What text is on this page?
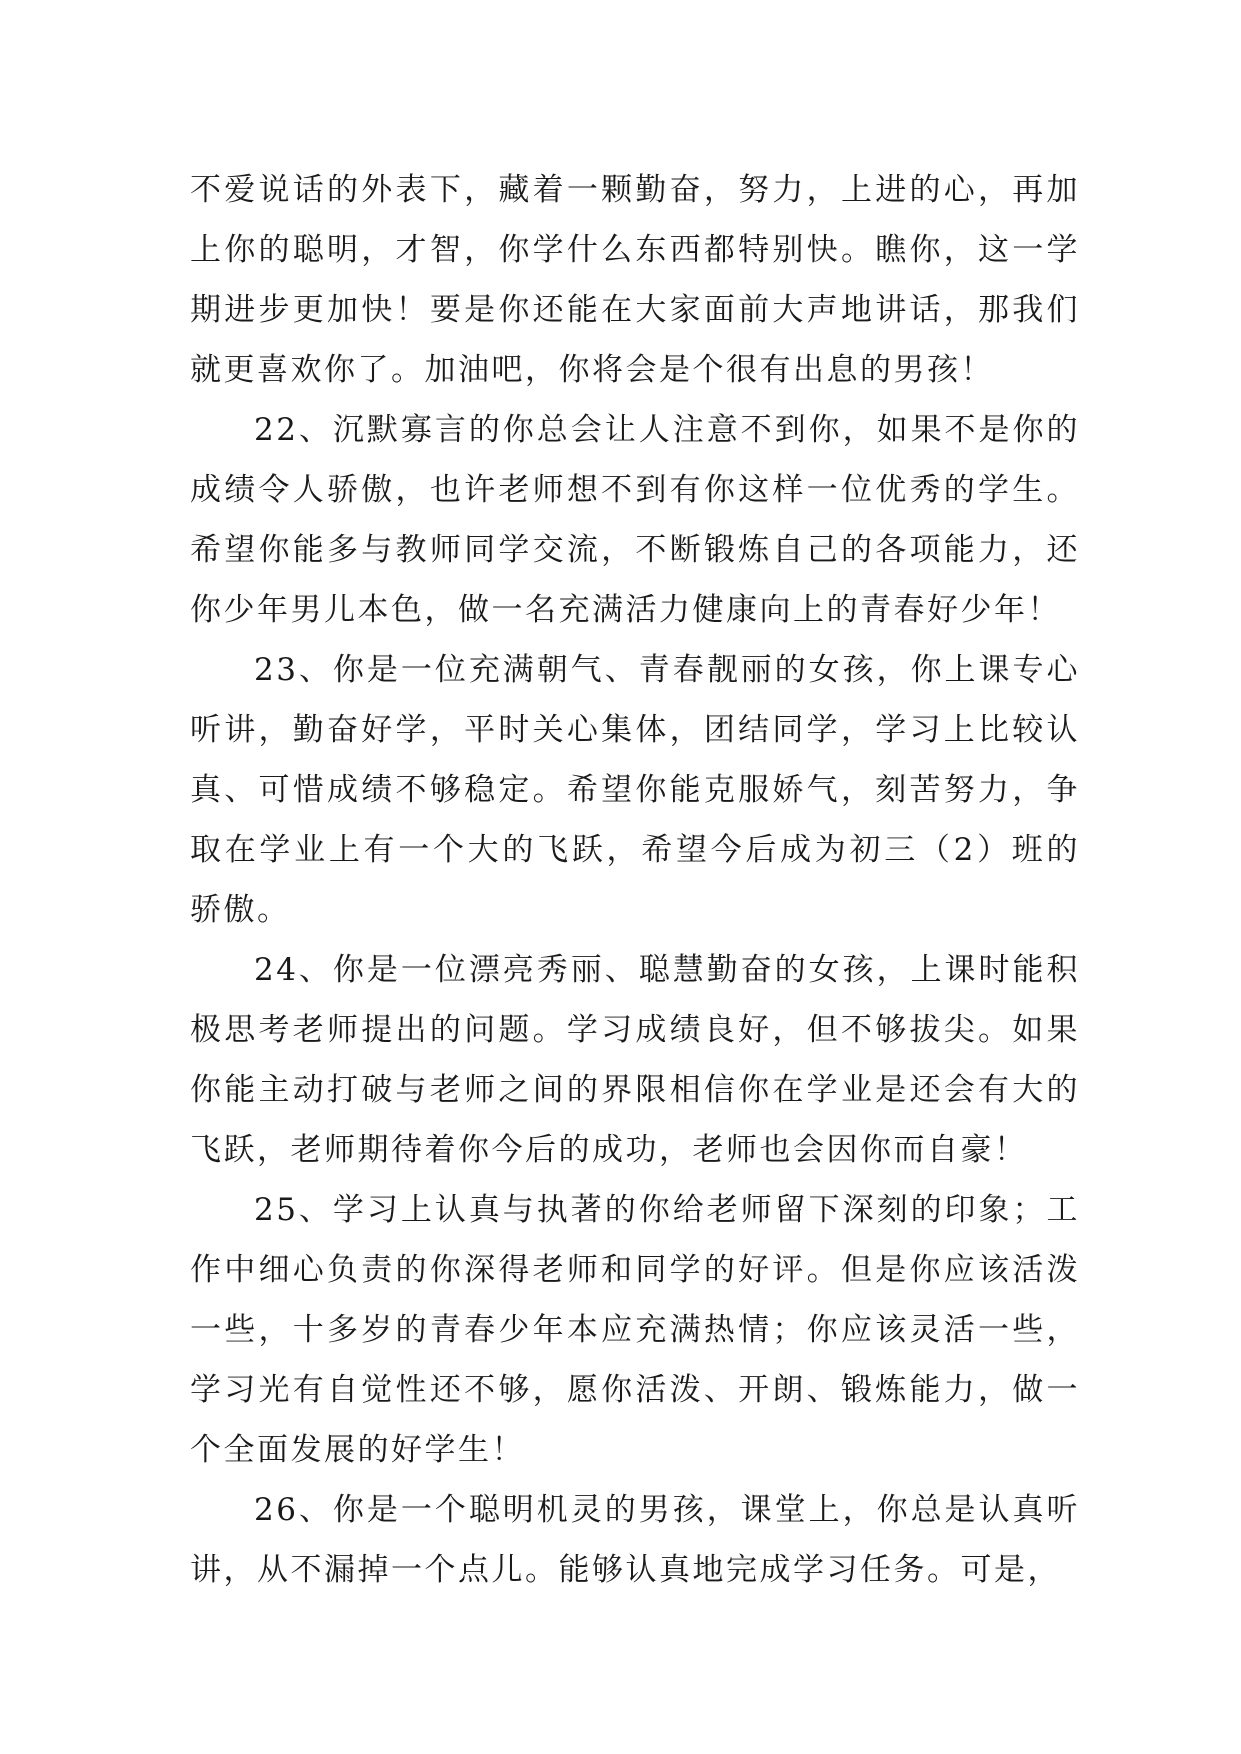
不爱说话的外表下，藏着一颗勤奋，努力，上进的心，再加上你的聪明，才智，你学什么东西都特别快。瞧你，这一学期进步更加快！要是你还能在大家面前大声地讲话，那我们就更喜欢你了。加油吧，你将会是个很有出息的男孩！

22、沉默寡言的你总会让人注意不到你，如果不是你的成绩令人骄傲，也许老师想不到有你这样一位优秀的学生。希望你能多与教师同学交流，不断锻炼自己的各项能力，还你少年男儿本色，做一名充满活力健康向上的青春好少年！

23、你是一位充满朝气、青春靓丽的女孩，你上课专心听讲，勤奋好学，平时关心集体，团结同学，学习上比较认真、可惜成绩不够稳定。希望你能克服娇气，刻苦努力，争取在学业上有一个大的飞跃，希望今后成为初三（2）班的骄傲。

24、你是一位漂亮秀丽、聪慧勤奋的女孩，上课时能积极思考老师提出的问题。学习成绩良好，但不够拔尖。如果你能主动打破与老师之间的界限相信你在学业是还会有大的飞跃，老师期待着你今后的成功，老师也会因你而自豪！

25、学习上认真与执著的你给老师留下深刻的印象；工作中细心负责的你深得老师和同学的好评。但是你应该活泼一些，十多岁的青春少年本应充满热情；你应该灵活一些，学习光有自觉性还不够，愿你活泼、开朗、锻炼能力，做一个全面发展的好学生！

26、你是一个聪明机灵的男孩，课堂上，你总是认真听讲，从不漏掉一个点儿。能够认真地完成学习任务。可是，
